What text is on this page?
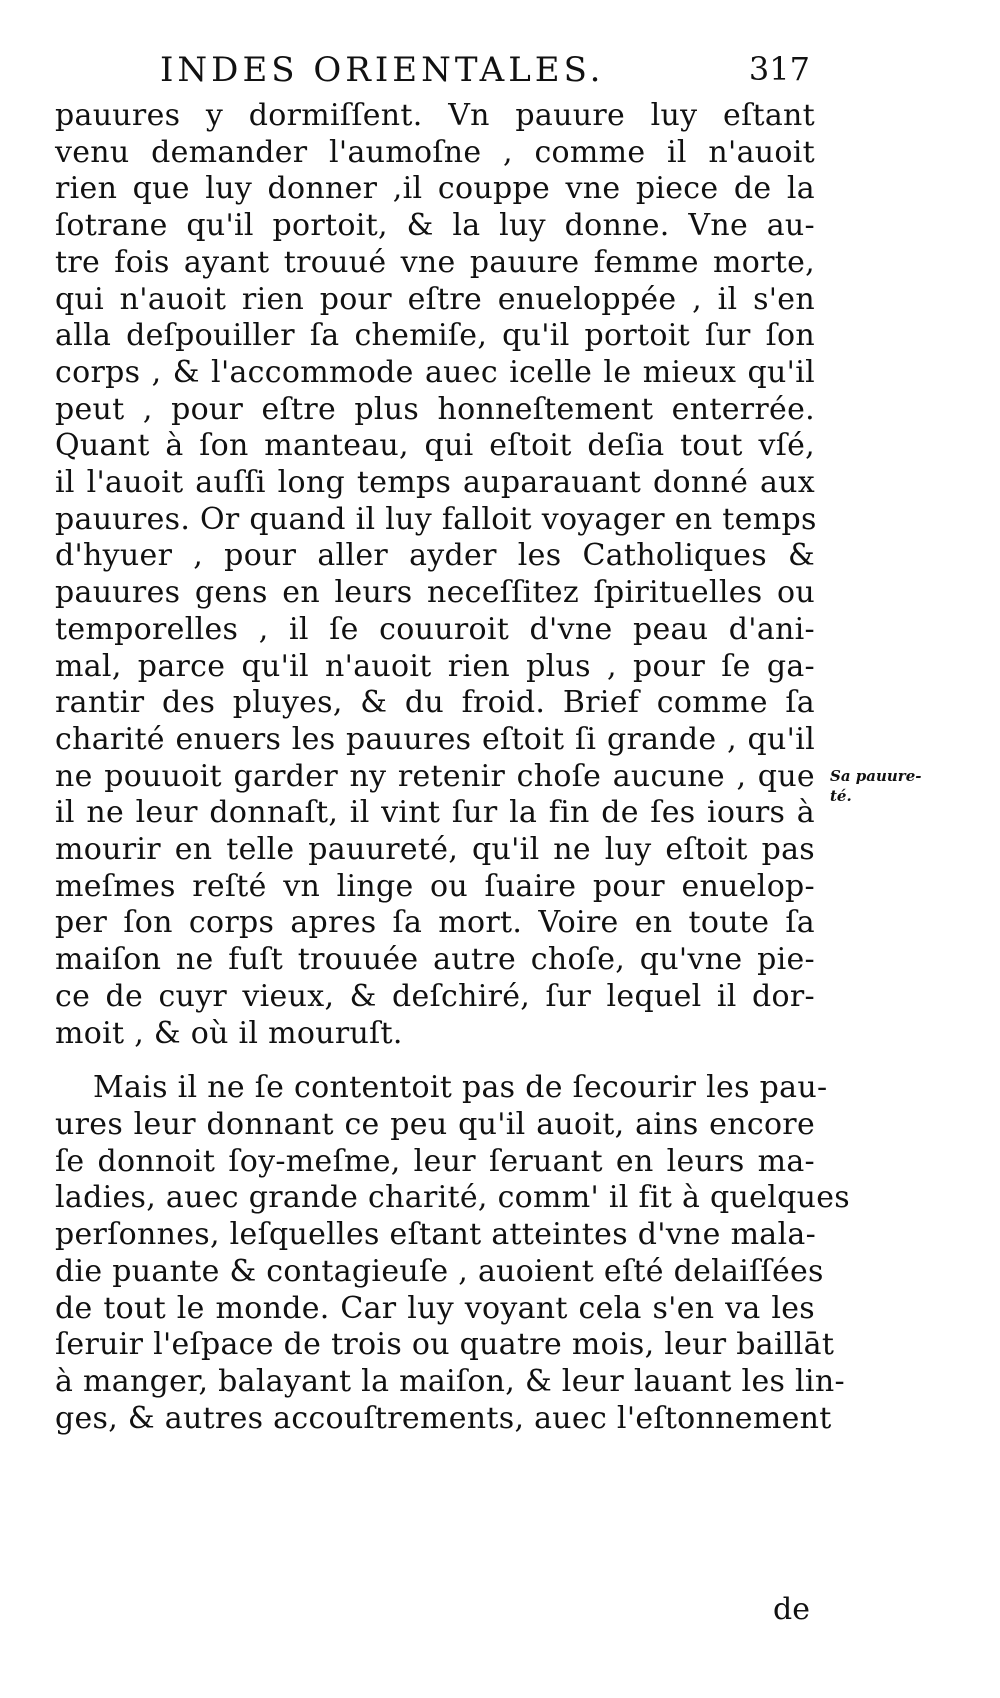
INDES ORIENTALES.	317
pauures y dormiſſent. Vn pauure luy eſtant
venu demander l'aumoſne , comme il n'auoit
rien que luy donner ,il couppe vne piece de la
ſotrane qu'il portoit, & la luy donne. Vne au-
tre fois ayant trouué vne pauure femme morte,
qui n'auoit rien pour eſtre enueloppée , il s'en
alla deſpouiller ſa chemiſe, qu'il portoit ſur ſon
corps , & l'accommode auec icelle le mieux qu'il
peut , pour eſtre plus honneſtement enterrée.
Quant à ſon manteau, qui eſtoit deſia tout vſé,
il l'auoit auſſi long temps auparauant donné aux
pauures. Or quand il luy falloit voyager en temps
d'hyuer , pour aller ayder les Catholiques &
pauures gens en leurs neceſſitez ſpirituelles ou
temporelles , il ſe couuroit d'vne peau d'ani-
mal, parce qu'il n'auoit rien plus , pour ſe ga-
rantir des pluyes, & du froid. Brief comme ſa
charité enuers les pauures eſtoit ſi grande , qu'il
ne pouuoit garder ny retenir choſe aucune , que
il ne leur donnaſt, il vint ſur la fin de ſes iours à
mourir en telle pauureté, qu'il ne luy eſtoit pas
meſmes reſté vn linge ou ſuaire pour enuelop-
per ſon corps apres ſa mort. Voire en toute ſa
maiſon ne fuſt trouuée autre choſe, qu'vne pie-
ce de cuyr vieux, & deſchiré, ſur lequel il dor-
moit , & où il mouruſt.
Mais il ne ſe contentoit pas de ſecourir les pau-
ures leur donnant ce peu qu'il auoit, ains encore
ſe donnoit ſoy-meſme, leur ſeruant en leurs ma-
ladies, auec grande charité, comm' il fit à quelques
perſonnes, leſquelles eſtant atteintes d'vne mala-
die puante & contagieuſe , auoient eſté delaiſſées
de tout le monde. Car luy voyant cela s'en va les
ſeruir l'eſpace de trois ou quatre mois, leur baillāt
à manger, balayant la maiſon, & leur lauant les lin-
ges, & autres accouſtrements, auec l'eſtonnement
Sa pauure-
té.
de
